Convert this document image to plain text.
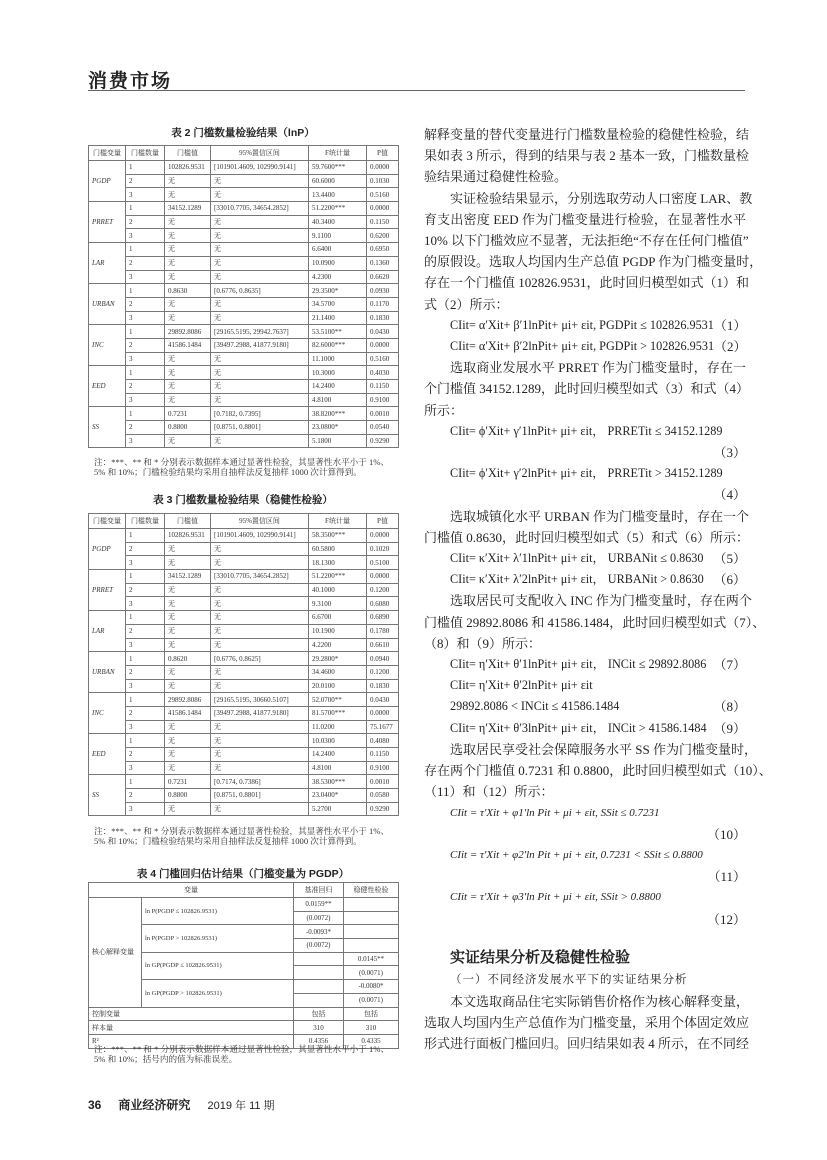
消费市场
表 2 门槛数量检验结果（lnP）
门槛变量	门槛数量	门槛值	95%置信区间	F统计量	P值
PGDP	1	102826.9531	[101901.4609, 102990.9141]	59.7600***	0.0000
	2	无	无	60.6000	0.1030
	3	无	无	13.4400	0.5160
PRRET	1	34152.1289	[33010.7705, 34654.2852]	51.2200***	0.0000
	2	无	无	40.3400	0.1150
	3	无	无	9.1100	0.6200
LAR	1	无	无	6.6400	0.6950
	2	无	无	10.0900	0.1360
	3	无	无	4.2300	0.6620
URBAN	1	0.8630	[0.6776, 0.8635]	29.3500*	0.0930
	2	无	无	34.5700	0.1170
	3	无	无	21.1400	0.1830
INC	1	29892.8086	[29165.5195, 29942.7637]	53.5100**	0.0430
	2	41586.1484	[39497.2988, 41877.9180]	82.6000***	0.0000
	3	无	无	11.1000	0.5160
EED	1	无	无	10.3000	0.4030
	2	无	无	14.2400	0.1150
	3	无	无	4.8100	0.9100
SS	1	0.7231	[0.7182, 0.7395]	38.8200***	0.0010
	2	0.8800	[0.8751, 0.8801]	23.0800*	0.0540
	3	无	无	5.1800	0.9290
注：***、** 和 * 分别表示数据样本通过显著性检验，其显著性水平小于 1%、5% 和 10%；门槛检验结果均采用自抽样法反复抽样 1000 次计算得到。
表 3 门槛数量检验结果（稳健性检验）
门槛变量	门槛数量	门槛值	95%置信区间	F统计量	P值
PGDP	1	102826.9531	[101901.4609, 102990.9141]	58.3500***	0.0000
	2	无	无	60.5800	0.1020
	3	无	无	18.1300	0.5100
PRRET	1	34152.1289	[33010.7705, 34654.2852]	51.2200***	0.0000
	2	无	无	40.1000	0.1200
	3	无	无	9.3100	0.6080
LAR	1	无	无	6.6700	0.6890
	2	无	无	10.1900	0.1780
	3	无	无	4.2200	0.6610
URBAN	1	0.8620	[0.6776, 0.8625]	29.2800*	0.0940
	2	无	无	34.4600	0.1200
	3	无	无	20.0100	0.1830
INC	1	29892.8086	[29165.5195, 30660.5107]	52.0700**	0.0430
	2	41586.1484	[39497.2988, 41877.9180]	81.5700***	0.0000
	3	无	无	11.0200	75.1677
EED	1	无	无	10.0300	0.4080
	2	无	无	14.2400	0.1150
	3	无	无	4.8100	0.9100
SS	1	0.7231	[0.7174, 0.7386]	38.5300***	0.0010
	2	0.8800	[0.8751, 0.8801]	23.0400*	0.0580
	3	无	无	5.2700	0.9290
注：***、** 和 * 分别表示数据样本通过显著性检验，其显著性水平小于 1%、5% 和 10%；门槛检验结果均采用自抽样法反复抽样 1000 次计算得到。
表 4 门槛回归估计结果（门槛变量为 PGDP）
变量		基准回归	稳健性检验
核心解释变量	ln P(PGDP ≤ 102826.9531)	0.0159**	
		(0.0072)	
	ln P(PGDP > 102826.9531)	-0.0093*	
		(0.0072)	
	ln GP(PGDP ≤ 102826.9531)		0.0145**
			(0.0071)
	ln GP(PGDP > 102826.9531)		-0.0080*
			(0.0071)
控制变量		包括	包括
样本量		310	310
R²		0.4356	0.4335
注：***、** 和 * 分别表示数据样本通过显著性检验，其显著性水平小于 1%、5% 和 10%；括号内的值为标准误差。
解释变量的替代变量进行门槛数量检验的稳健性检验，结
果如表 3 所示，得到的结果与表 2 基本一致，门槛数量检
验结果通过稳健性检验。
实证检验结果显示，分别选取劳动人口密度 LAR、教
育支出密度 EED 作为门槛变量进行检验，在显著性水平
10% 以下门槛效应不显著，无法拒绝“不存在任何门槛值”
的原假设。选取人均国内生产总值 PGDP 作为门槛变量时，
存在一个门槛值 102826.9531，此时回归模型如式（1）和
式（2）所示：
CIit= α′Xit+ β′1lnPit+ μi+ εit, PGDPit ≤ 102826.9531 （1）
CIit= α′Xit+ β′2lnPit+ μi+ εit, PGDPit > 102826.9531 （2）
选取商业发展水平 PRRET 作为门槛变量时，存在一
个门槛值 34152.1289，此时回归模型如式（3）和式（4）
所示：
CIit= ϕ′Xit+ γ′1lnPit+ μi+ εit， PRRETit ≤ 34152.1289
（3）
CIit= ϕ′Xit+ γ′2lnPit+ μi+ εit， PRRETit > 34152.1289
（4）
选取城镇化水平 URBAN 作为门槛变量时，存在一个
门槛值 0.8630，此时回归模型如式（5）和式（6）所示：
CIit= κ′Xit+ λ′1lnPit+ μi+ εit， URBANit ≤ 0.8630 （5）
CIit= κ′Xit+ λ′2lnPit+ μi+ εit， URBANit > 0.8630 （6）
选取居民可支配收入 INC 作为门槛变量时，存在两个
门槛值 29892.8086 和 41586.1484，此时回归模型如式（7）、
（8）和（9）所示：
CIit= η′Xit+ θ′1lnPit+ μi+ εit， INCit ≤ 29892.8086 （7）
CIit= η′Xit+ θ′2lnPit+ μi+ εit
29892.8086 < INCit ≤ 41586.1484	（8）
CIit= η′Xit+ θ′3lnPit+ μi+ εit， INCit > 41586.1484 （9）
选取居民享受社会保障服务水平 SS 作为门槛变量时，
存在两个门槛值 0.7231 和 0.8800，此时回归模型如式（10）、
（11）和（12）所示：
CIit = τ′Xit + φ1′ln Pit + μi + εit, SSit ≤ 0.7231
（10）
CIit = τ′Xit + φ2′ln Pit + μi + εit, 0.7231 < SSit ≤ 0.8800
（11）
CIit = τ′Xit + φ3′ln Pit + μi + εit, SSit > 0.8800
（12）
实证结果分析及稳健性检验
（一）不同经济发展水平下的实证结果分析
本文选取商品住宅实际销售价格作为核心解释变量，
选取人均国内生产总值作为门槛变量，采用个体固定效应
形式进行面板门槛回归。回归结果如表 4 所示，在不同经
36 商业经济研究 2019 年 11 期
